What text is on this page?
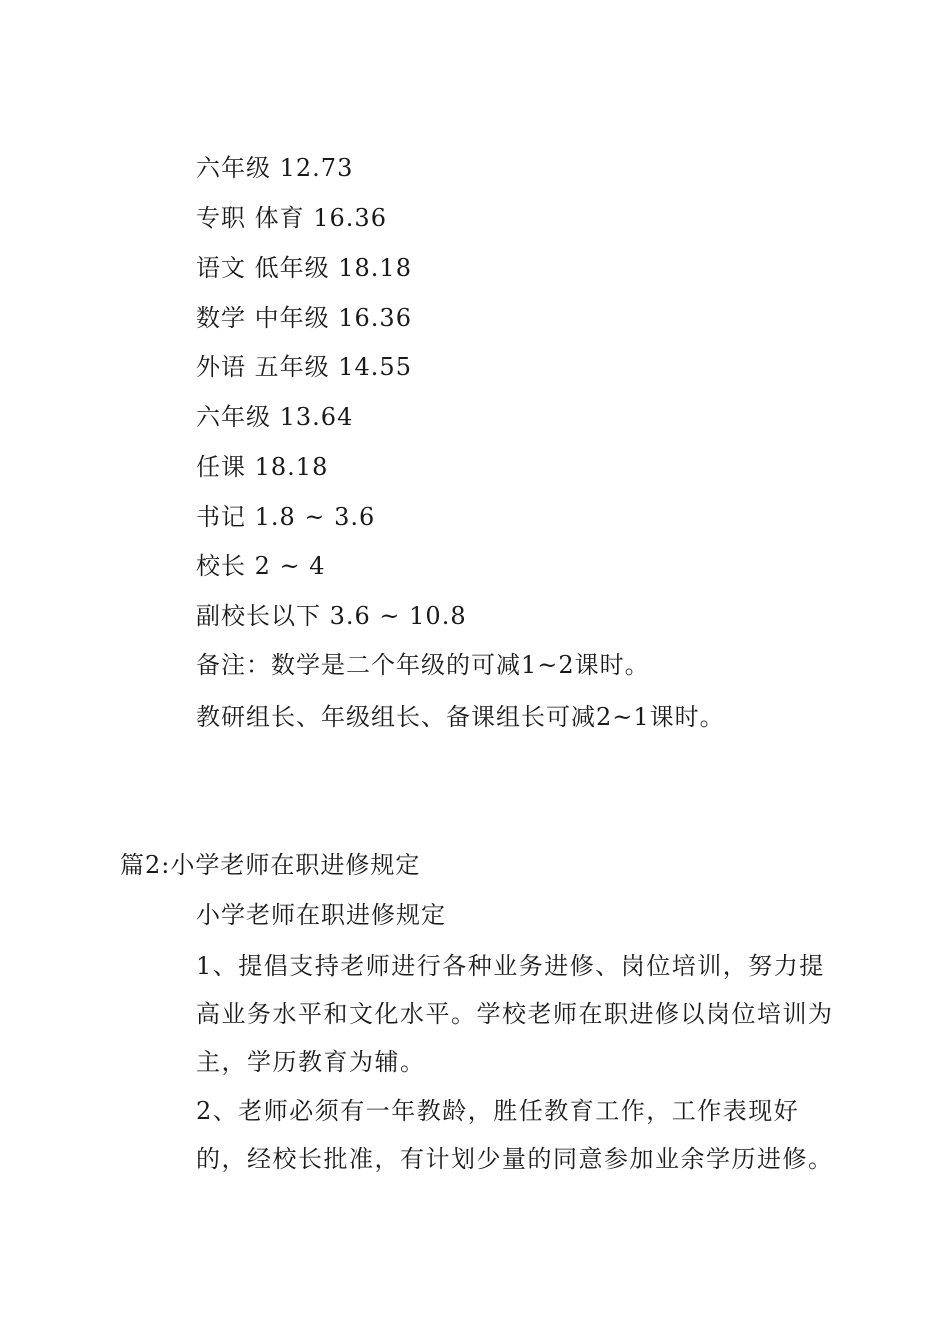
六年级 12.73
专职 体育 16.36
语文 低年级 18.18
数学 中年级 16.36
外语 五年级 14.55
六年级 13.64
任课 18.18
书记 1.8 ~ 3.6
校长 2 ~ 4
副校长以下 3.6 ~ 10.8
备注：数学是二个年级的可减1~2课时。
教研组长、年级组长、备课组长可减2~1课时。
篇2:小学老师在职进修规定
小学老师在职进修规定
1、提倡支持老师进行各种业务进修、岗位培训，努力提高业务水平和文化水平。学校老师在职进修以岗位培训为主，学历教育为辅。
2、老师必须有一年教龄，胜任教育工作，工作表现好的，经校长批准，有计划少量的同意参加业余学历进修。
